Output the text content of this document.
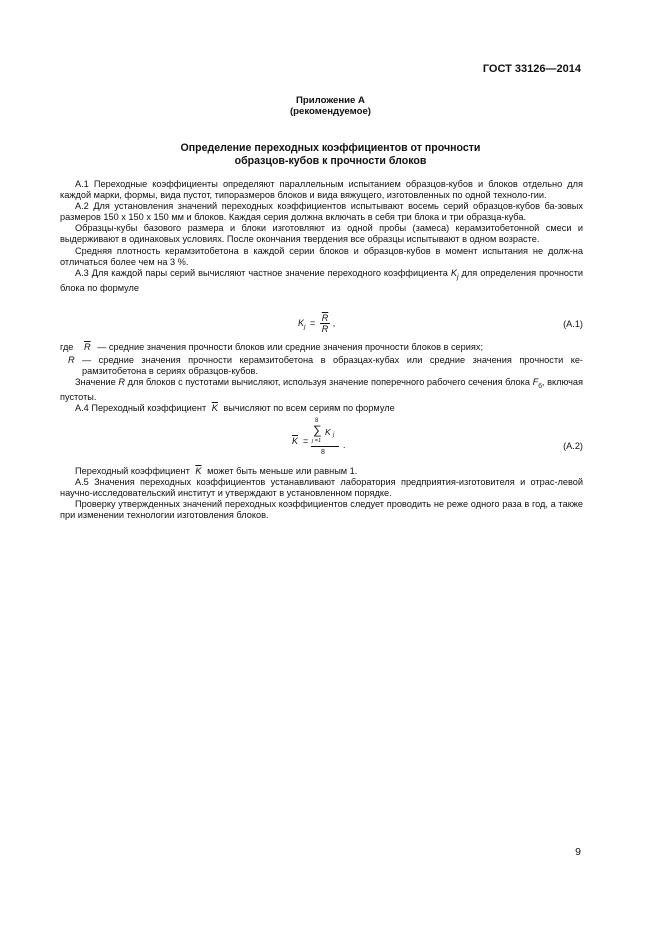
ГОСТ 33126—2014
Приложение А
(рекомендуемое)
Определение переходных коэффициентов от прочности
образцов-кубов к прочности блоков

А.1 Переходные коэффициенты определяют параллельным испытанием образцов-кубов и блоков отдельно для каждой марки, формы, вида пустот, типоразмеров блоков и вида вяжущего, изготовленных по одной техноло-гии.

А.2 Для установления значений переходных коэффициентов испытывают восемь серий образцов-кубов ба-зовых размеров 150 х 150 х 150 мм и блоков. Каждая серия должна включать в себя три блока и три образца-куба.

Образцы-кубы базового размера и блоки изготовляют из одной пробы (замеса) керамзитобетонной смеси и выдерживают в одинаковых условиях. После окончания твердения все образцы испытывают в одном возрасте.

Средняя плотность керамзитобетона в каждой серии блоков и образцов-кубов в момент испытания не долж-на отличаться более чем на 3 %.

А.3 Для каждой пары серий вычисляют частное значение переходного коэффициента $K_j$ для определения прочности блока по формуле

$K_j = \frac{\overline{R}}{R}$ ,	(А.1)
где $\overline{R}$ — средние значения прочности блоков или средние значения прочности блоков в сериях;
R — средние значения прочности керамзитобетона в образцах-кубах или средние значения прочности ке-рамзитобетона в сериях образцов-кубов.

Значение R для блоков с пустотами вычисляют, используя значение поперечного рабочего сечения блока $F_б$, включая пустоты.

А.4 Переходный коэффициент $\overline{K}$ вычисляют по всем сериям по формуле

$\overline{K}$ =
8
∑ K j
j =1
8
.	(А.2)

Переходный коэффициент $\overline{K}$ может быть меньше или равным 1.

А.5 Значения переходных коэффициентов устанавливают лаборатория предприятия-изготовителя и отрас-левой научно-исследовательский институт и утверждают в установленном порядке.

Проверку утвержденных значений переходных коэффициентов следует проводить не реже одного раза в год, а также при изменении технологии изготовления блоков.

9
